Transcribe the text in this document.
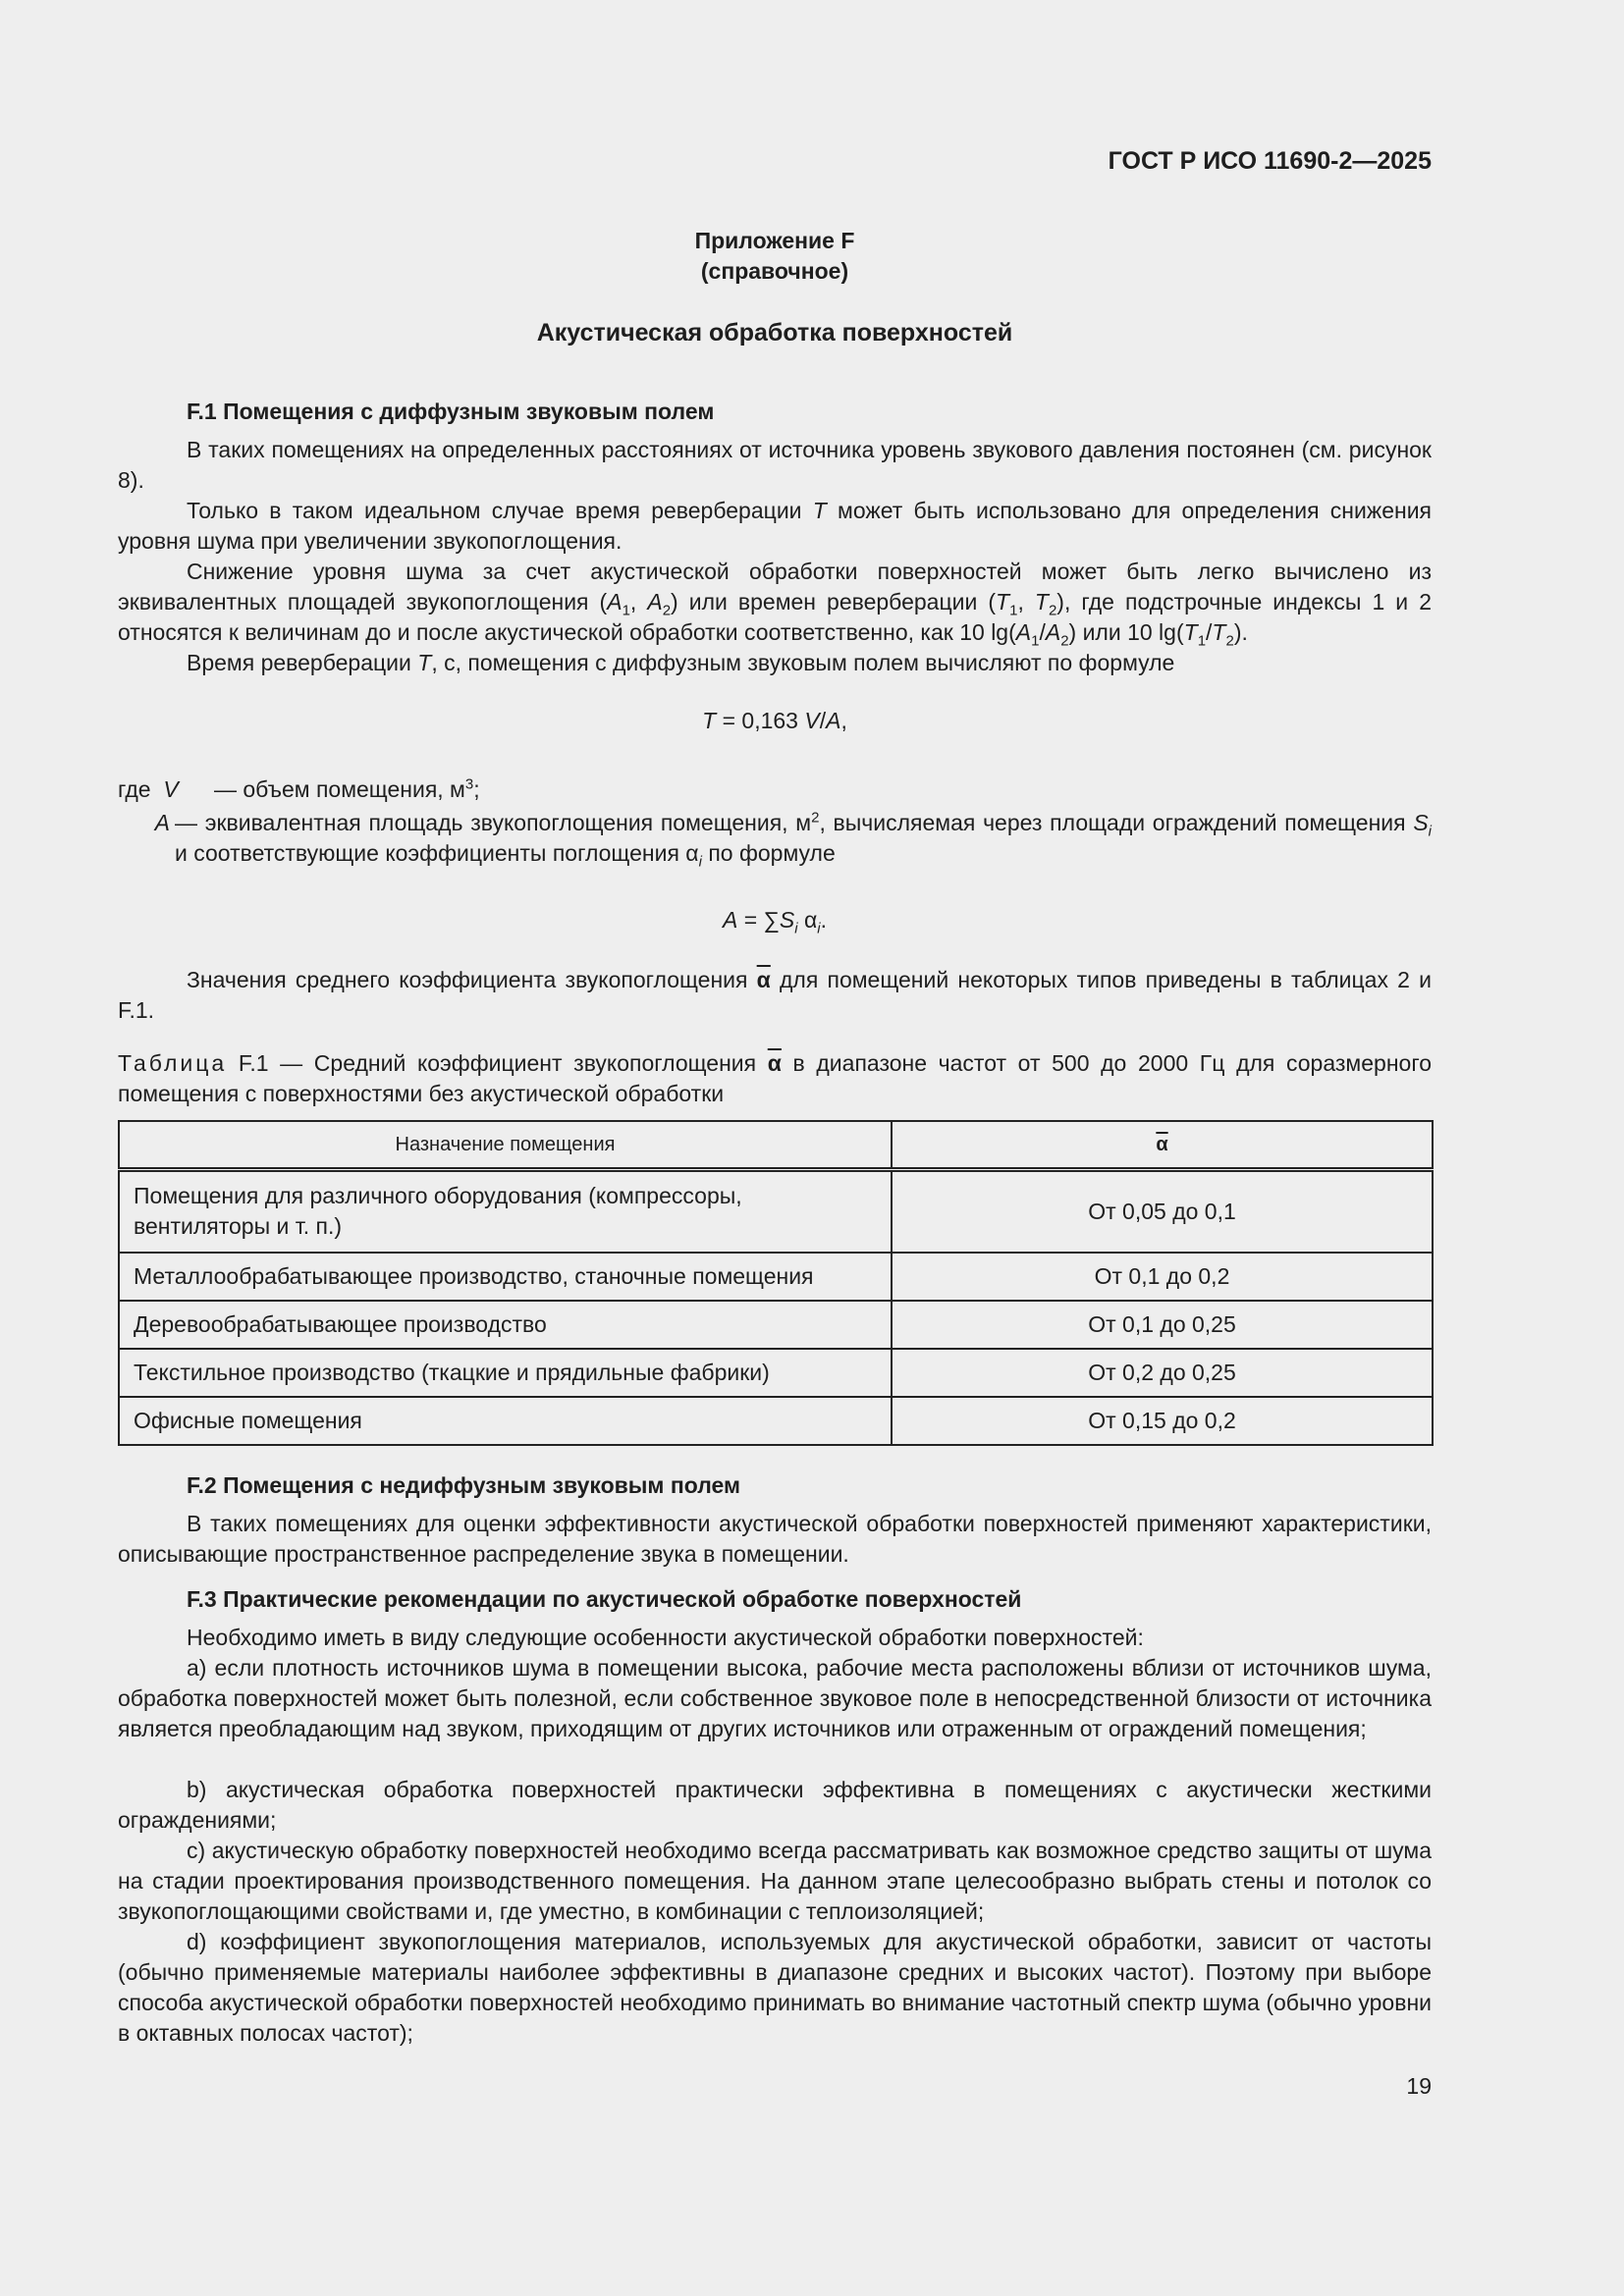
ГОСТ Р ИСО 11690-2—2025
Приложение F
(справочное)
Акустическая обработка поверхностей
F.1 Помещения с диффузным звуковым полем
В таких помещениях на определенных расстояниях от источника уровень звукового давления постоянен (см. рисунок 8).
Только в таком идеальном случае время реверберации T может быть использовано для определения снижения уровня шума при увеличении звукопоглощения.
Снижение уровня шума за счет акустической обработки поверхностей может быть легко вычислено из эквивалентных площадей звукопоглощения ($A_1$, $A_2$) или времен реверберации ($T_1$, $T_2$), где подстрочные индексы 1 и 2 относятся к величинам до и после акустической обработки соответственно, как 10 $\lg(A_1/A_2)$ или 10 $\lg(T_1/T_2)$.
Время реверберации T, с, помещения с диффузным звуковым полем вычисляют по формуле
T = 0,163 V/A,
где V	— объем помещения, $м^3$;
A — эквивалентная площадь звукопоглощения помещения, $м^2$, вычисляемая через площади ограждений помещения $S_i$ и соответствующие коэффициенты поглощения $\alpha_i$ по формуле
$A = \sum S_i$ $\alpha_i$.
Значения среднего коэффициента звукопоглощения $\overline{\alpha}$ для помещений некоторых типов приведены в таблицах 2 и F.1.
Таблица F.1 — Средний коэффициент звукопоглощения $\overline{\alpha}$ в диапазоне частот от 500 до 2000 Гц для соразмерного помещения с поверхностями без акустической обработки
Назначение помещения	$\overline{\alpha}$
Помещения для различного оборудования (компрессоры, вентиляторы и т. п.)	От 0,05 до 0,1
Металлообрабатывающее производство, станочные помещения	От 0,1 до 0,2
Деревообрабатывающее производство	От 0,1 до 0,25
Текстильное производство (ткацкие и прядильные фабрики)	От 0,2 до 0,25
Офисные помещения	От 0,15 до 0,2
F.2 Помещения с недиффузным звуковым полем
В таких помещениях для оценки эффективности акустической обработки поверхностей применяют характеристики, описывающие пространственное распределение звука в помещении.
F.3 Практические рекомендации по акустической обработке поверхностей
Необходимо иметь в виду следующие особенности акустической обработки поверхностей:
a) если плотность источников шума в помещении высока, рабочие места расположены вблизи от источников шума, обработка поверхностей может быть полезной, если собственное звуковое поле в непосредственной близости от источника является преобладающим над звуком, приходящим от других источников или отраженным от ограждений помещения;
b) акустическая обработка поверхностей практически эффективна в помещениях с акустически жесткими ограждениями;
c) акустическую обработку поверхностей необходимо всегда рассматривать как возможное средство защиты от шума на стадии проектирования производственного помещения. На данном этапе целесообразно выбрать стены и потолок со звукопоглощающими свойствами и, где уместно, в комбинации с теплоизоляцией;
d) коэффициент звукопоглощения материалов, используемых для акустической обработки, зависит от частоты (обычно применяемые материалы наиболее эффективны в диапазоне средних и высоких частот). Поэтому при выборе способа акустической обработки поверхностей необходимо принимать во внимание частотный спектр шума (обычно уровни в октавных полосах частот);
19
